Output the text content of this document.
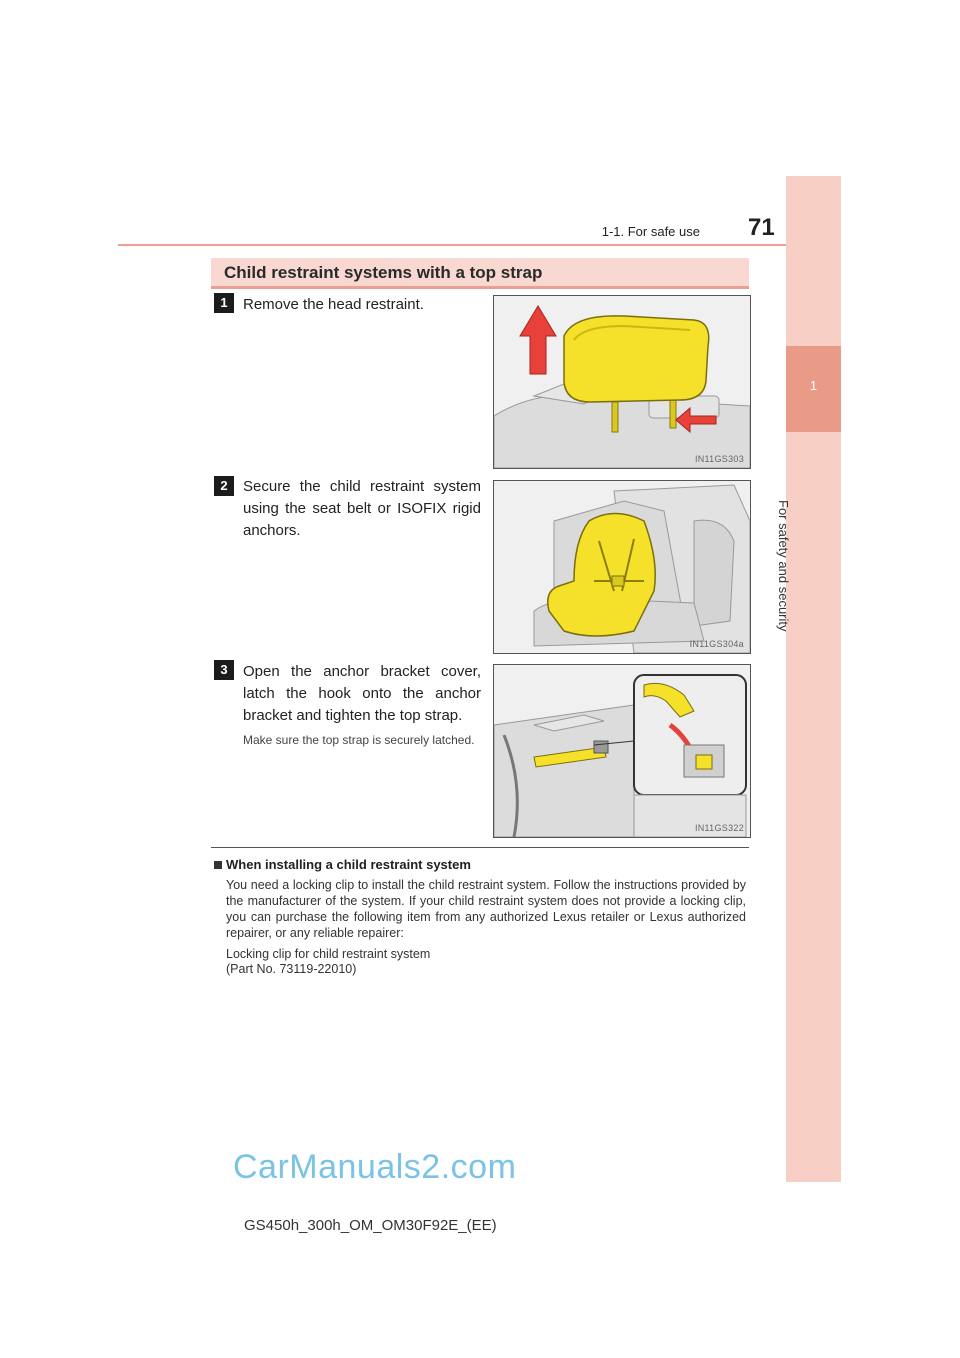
1-1. For safe use 71
1
For safety and security
Child restraint systems with a top strap
1	Remove the head restraint.
IN11GS303
2	Secure the child restraint system using the seat belt or ISOFIX rigid anchors.
IN11GS304a
3	Open the anchor bracket cover, latch the hook onto the anchor bracket and tighten the top strap.
Make sure the top strap is securely latched.
IN11GS322
When installing a child restraint system
You need a locking clip to install the child restraint system. Follow the instructions provided by the manufacturer of the system. If your child restraint system does not provide a locking clip, you can purchase the following item from any authorized Lexus retailer or Lexus authorized repairer, or any reliable repairer:
Locking clip for child restraint system
(Part No. 73119-22010)
CarManuals2.com
GS450h_300h_OM_OM30F92E_(EE)
